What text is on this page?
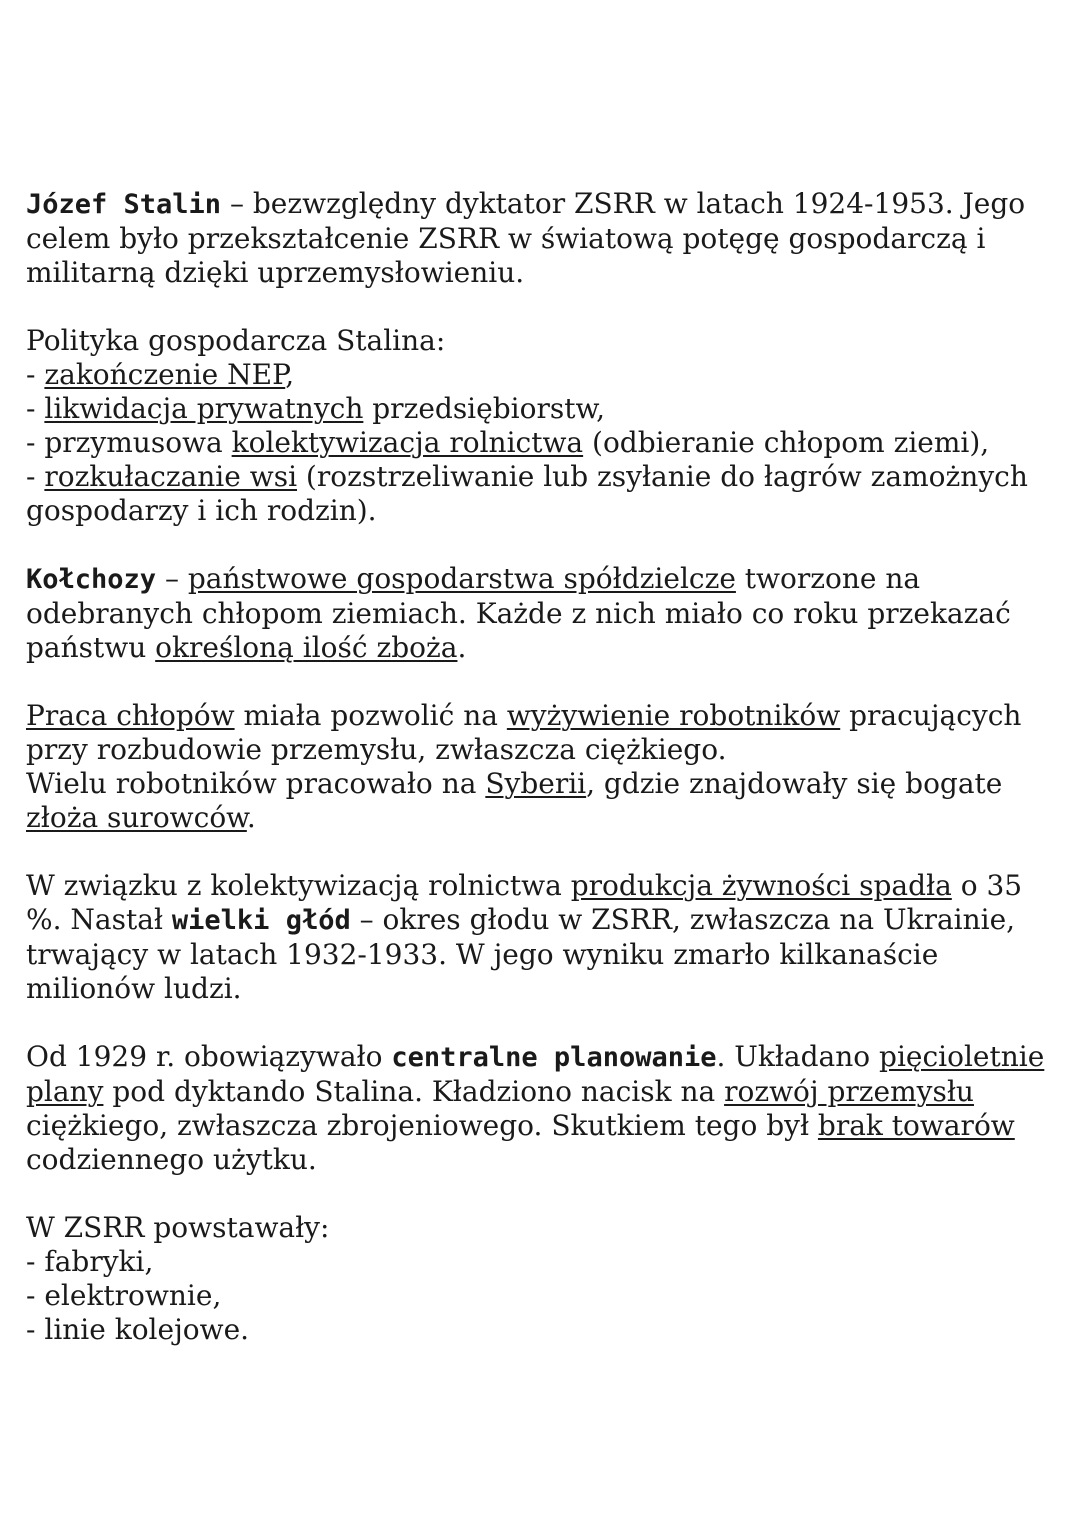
Józef Stalin – bezwzględny dyktator ZSRR w latach 1924-1953. Jego celem było przekształcenie ZSRR w światową potęgę gospodarczą i militarną dzięki uprzemysłowieniu.

Polityka gospodarcza Stalina:
- zakończenie NEP,
- likwidacja prywatnych przedsiębiorstw,
- przymusowa kolektywizacja rolnictwa (odbieranie chłopom ziemi),
- rozkułaczanie wsi (rozstrzeliwanie lub zsyłanie do łagrów zamożnych gospodarzy i ich rodzin).

Kołchozy – państwowe gospodarstwa spółdzielcze tworzone na odebranych chłopom ziemiach. Każde z nich miało co roku przekazać państwu określoną ilość zboża.

Praca chłopów miała pozwolić na wyżywienie robotników pracujących przy rozbudowie przemysłu, zwłaszcza ciężkiego.
Wielu robotników pracowało na Syberii, gdzie znajdowały się bogate złoża surowców.

W związku z kolektywizacją rolnictwa produkcja żywności spadła o 35 %. Nastał wielki głód – okres głodu w ZSRR, zwłaszcza na Ukrainie, trwający w latach 1932-1933. W jego wyniku zmarło kilkanaście milionów ludzi.

Od 1929 r. obowiązywało centralne planowanie. Układano pięcioletnie plany pod dyktando Stalina. Kładziono nacisk na rozwój przemysłu ciężkiego, zwłaszcza zbrojeniowego. Skutkiem tego był brak towarów codziennego użytku.

W ZSRR powstawały:
- fabryki,
- elektrownie,
- linie kolejowe.
